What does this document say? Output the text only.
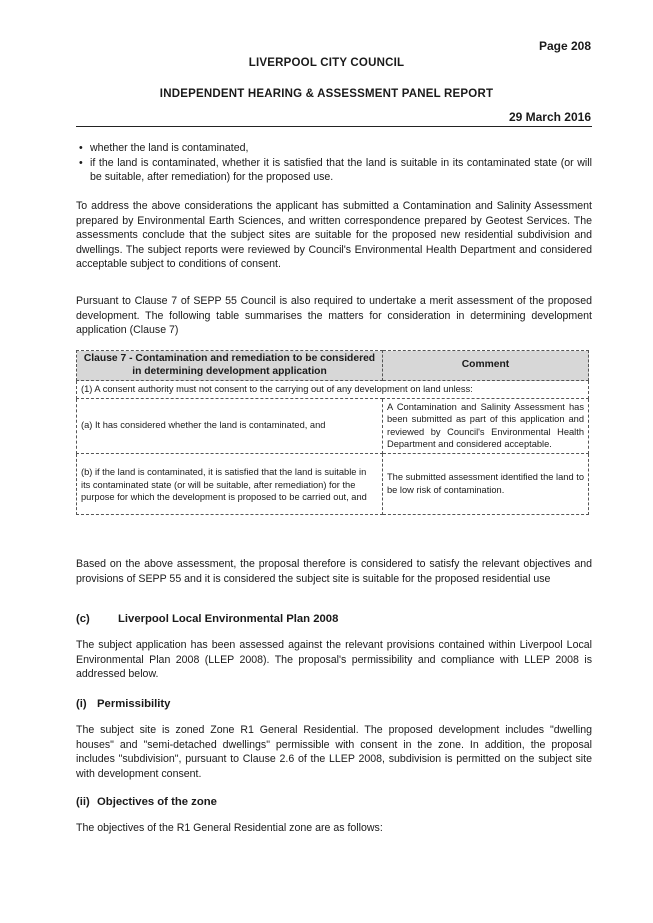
Page 208
LIVERPOOL CITY COUNCIL
INDEPENDENT HEARING & ASSESSMENT PANEL REPORT
29 March 2016
• whether the land is contaminated,
• if the land is contaminated, whether it is satisfied that the land is suitable in its contaminated state (or will be suitable, after remediation) for the proposed use.
To address the above considerations the applicant has submitted a Contamination and Salinity Assessment prepared by Environmental Earth Sciences, and written correspondence prepared by Geotest Services. The assessments conclude that the subject sites are suitable for the proposed new residential subdivision and dwellings. The subject reports were reviewed by Council's Environmental Health Department and considered acceptable subject to conditions of consent.
Pursuant to Clause 7 of SEPP 55 Council is also required to undertake a merit assessment of the proposed development. The following table summarises the matters for consideration in determining development application (Clause 7)
Clause 7 - Contamination and remediation to be considered in determining development application	Comment
(1) A consent authority must not consent to the carrying out of any development on land unless:	
(a) It has considered whether the land is contaminated, and	A Contamination and Salinity Assessment has been submitted as part of this application and reviewed by Council's Environmental Health Department and considered acceptable.
(b) if the land is contaminated, it is satisfied that the land is suitable in its contaminated state (or will be suitable, after remediation) for the purpose for which the development is proposed to be carried out, and	The submitted assessment identified the land to be low risk of contamination.
Based on the above assessment, the proposal therefore is considered to satisfy the relevant objectives and provisions of SEPP 55 and it is considered the subject site is suitable for the proposed residential use
(c) Liverpool Local Environmental Plan 2008
The subject application has been assessed against the relevant provisions contained within Liverpool Local Environmental Plan 2008 (LLEP 2008). The proposal's permissibility and compliance with LLEP 2008 is addressed below.
(i) Permissibility
The subject site is zoned Zone R1 General Residential. The proposed development includes "dwelling houses" and "semi-detached dwellings" permissible with consent in the zone. In addition, the proposal includes "subdivision", pursuant to Clause 2.6 of the LLEP 2008, subdivision is permitted on the subject site with development consent.
(ii) Objectives of the zone
The objectives of the R1 General Residential zone are as follows:
